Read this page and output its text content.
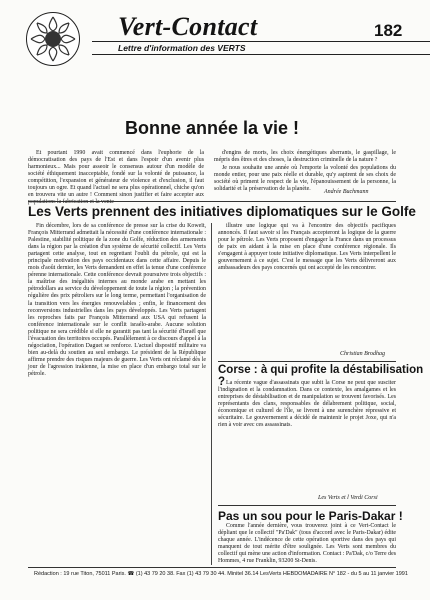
Vert-Contact
Lettre d'information des VERTS
182
Bonne année la vie !

Et pourtant 1990 avait commencé dans l'euphorie de la démocratisation des pays de l'Est et dans l'espoir d'un avenir plus harmonieux... Mais pour asseoir le consensus autour d'un modèle de société éthiquement inacceptable, fondé sur la volonté de puissance, la compétition, l'expansion et générateur de violence et d'exclusion, il faut toujours un ogre. Et quand l'actuel ne sera plus opérationnel, chiche qu'on en trouvera vite un autre ! Comment sinon justifier et faire accepter aux populations la fabrication et la vente

d'engins de morts, les choix énergétiques aberrants, le gaspillage, le mépris des êtres et des choses, la destruction criminelle de la nature ?

Je nous souhaite une année où l'emporte la volonté des populations du monde entier, pour une paix réelle et durable, qu'y aspirent de ses choix de société où priment le respect de la vie, l'épanouissement de la personne, la solidarité et la préservation de la planète.	Andrée Buchmann
Les Verts prennent des initiatives diplomatiques sur le Golfe

Fin décembre, lors de sa conférence de presse sur la crise du Koweït, François Mitterrand admettait la nécessité d'une conférence internationale : Palestine, stabilité politique de la zone du Golfe, réduction des armements dans la région par la création d'un système de sécurité collectif. Les Verts partagent cette analyse, tout en regrettant l'oubli du pétrole, qui est la principale motivation des pays occidentaux dans cette affaire. Depuis le mois d'août dernier, les Verts demandent en effet la tenue d'une conférence pérenne internationale. Cette conférence devrait poursuivre trois objectifs : la maîtrise des inégalités internes au monde arabe en mettant les pétrodollars au service du développement de toute la région ; la prévention régulière des prix pétroliers sur le long terme, permettant l'organisation de la transition vers les énergies renouvelables ; enfin, le financement des reconversions industrielles dans les pays développés. Les Verts partagent les reproches faits par François Mitterrand aux USA qui refusent la conférence internationale sur le conflit israélo-arabe. Aucune solution politique ne sera crédible si elle ne garantit pas tant la sécurité d'Israël que l'évacuation des territoires occupés. Parallèlement à ce discours d'appel à la négociation, l'opération Daguet se renforce. L'actuel dispositif militaire va bien au-delà du soutien au seul embargo. Le président de la République affirme prendre des risques majeurs de guerre. Les Verts ont réclamé dès le jour de l'agression irakienne, la mise en place d'un embargo total sur le pétrole.

illustre une logique qui va à l'encontre des objectifs pacifiques annoncés. Il faut savoir si les Français accepteront la logique de la guerre pour le pétrole. Les Verts proposent d'engager la France dans un processus de paix en aidant à la mise en place d'une conférence régionale. Ils s'engagent à appuyer toute initiative diplomatique. Les Verts interpellent le gouvernement à ce sujet. C'est le message que les Verts délivreront aux ambassadeurs des pays concernés qui ont accepté de les rencontrer.

Christian Brodhag
Corse : à qui profite la déstabilisation ? La récente vague d'assassinats que subit la Corse ne peut que susciter l'indignation et la condamnation. Dans ce contexte, les amalgames et les entreprises de déstabilisation et de manipulation se trouvent favorisés. Les représentants des clans, responsables de délabrement politique, social, économique et culturel de l'île, se livrent à une surenchère répressive et sécuritaire. Le gouvernement a décidé de maintenir le projet Joxe, qui n'a rien à voir avec ces assassinats.

Les Verts et l Verdi Corsi
Pas un sou pour le Paris-Dakar !

Comme l'année dernière, vous trouverez joint à ce Vert-Contact le dépliant que le collectif "Pa'Dak" (tous d'accord avec le Paris-Dakar) édite chaque année. L'indécence de cette opération sportive dans des pays qui manquent de tout mérite d'être soulignée. Les Verts sont membres du collectif qui mène une action d'information. Contact : Pa'Dak, c/o Terre des Hommes, 4 rue Franklin, 93200 St-Denis.

Rédaction : 19 rue Titon, 75011 Paris. ☎ (1) 43 79 20 38. Fax (1) 43 79 30 44. Minitel 36.14 LesVerts HEBDOMADAIRE N° 182 - du 5 au 11 janvier 1991
